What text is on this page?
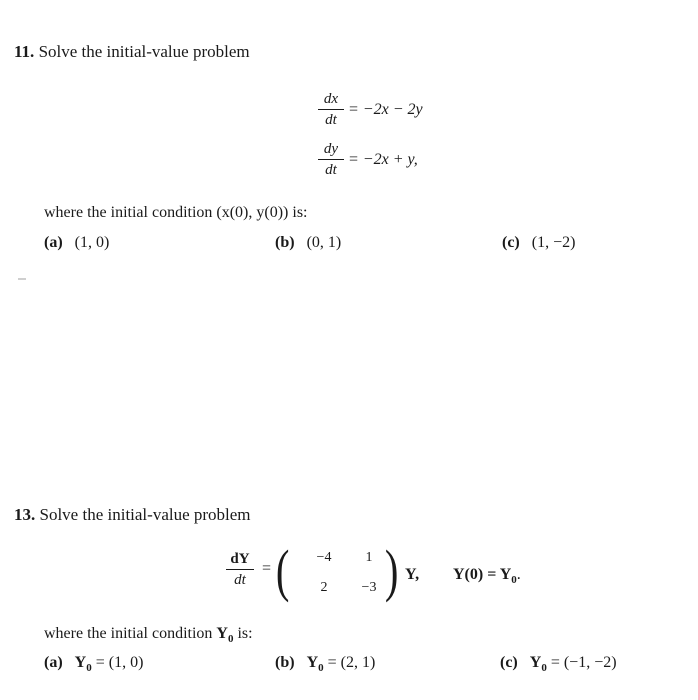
11. Solve the initial-value problem
dx
dt
= −2x − 2y
dy
dt
= −2x + y,
where the initial condition (x(0), y(0)) is:
(a) (1, 0)	(b) (0, 1)	(c) (1, −2)
13. Solve the initial-value problem
dY
dt
= ( −4	1
2	−3 ) Y, $Y(0) = Y_0$.
where the initial condition $Y_0$ is:
(a) $Y_0 = (1$, 0)	(b) $Y_0 = (2$, 1)	(c) $Y_0 = (-1$, −2)
